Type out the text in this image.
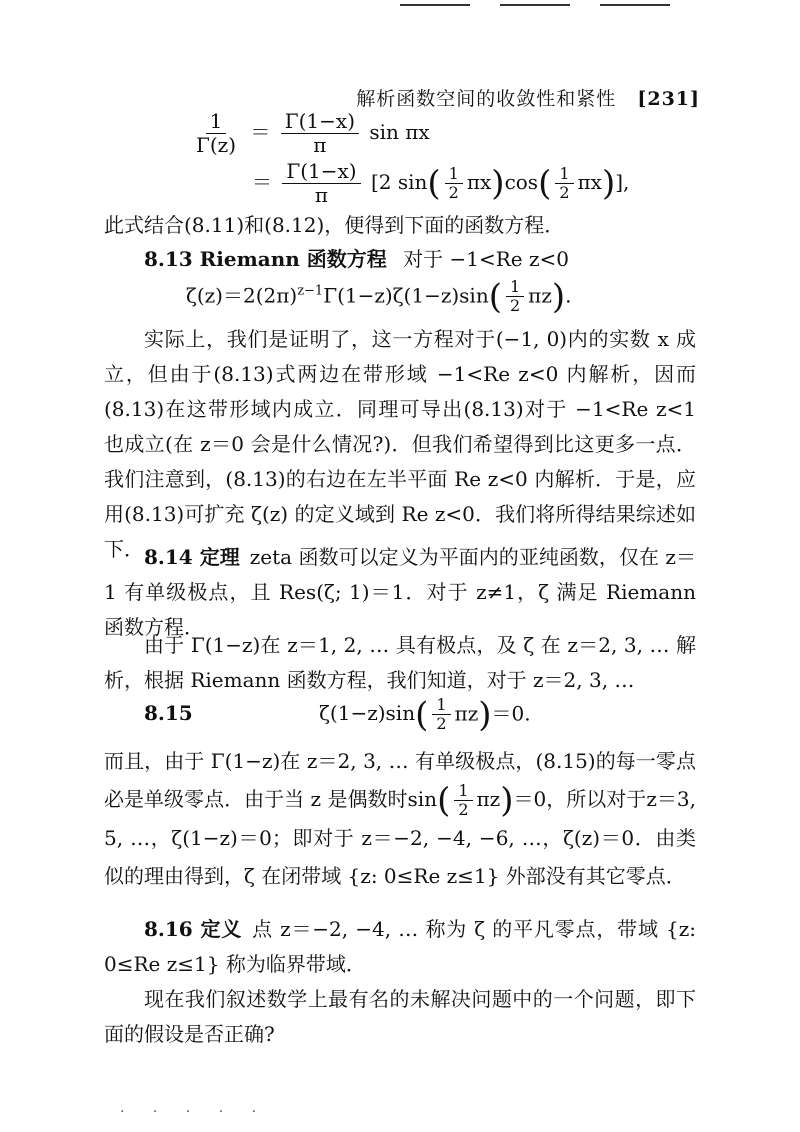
解析函数空间的收敛性和紧性 [231]
$\frac{1}{\Gamma(z)} = \frac{\Gamma(1-x)}{\pi}$ sin πx
＝ $\frac{\Gamma(1-x)}{\pi} [2$ $\sin( \frac{1}{2} \pi x)\cos( \frac{1}{2} \pi x)$],
此式结合(8.11)和(8.12)，便得到下面的函数方程．
8.13 Riemann 函数方程 对于 −1<Re z<0
$\zeta(z)=2(2\pi)^{z-1}\Gamma(1-z)\zeta(1-z)\sin( \frac{1}{2} \pi z)$.
实际上，我们是证明了，这一方程对于(−1, 0)内的实数 x 成立，但由于(8.13)式两边在带形域 −1<Re z<0 内解析，因而(8.13)在这带形域内成立．同理可导出(8.13)对于 −1<Re z<1 也成立(在 z＝0 会是什么情况?)．但我们希望得到比这更多一点．我们注意到，(8.13)的右边在左半平面 Re z<0 内解析．于是，应用(8.13)可扩充 ζ(z) 的定义域到 Re z<0．我们将所得结果综述如下． 8.14 定理 zeta 函数可以定义为平面内的亚纯函数，仅在 z＝1 有单级极点，且 Res(ζ; 1)＝1．对于 z≠1，ζ 满足 Riemann 函数方程．
由于 Γ(1−z)在 z＝1, 2, … 具有极点，及 ζ 在 z＝2, 3, … 解析，根据 Riemann 函数方程，我们知道，对于 z＝2, 3, …
8.15	$\zeta(1-z)\sin( \frac{1}{2} \pi z)=0$.
而且，由于 Γ(1−z)在 z＝2, 3, … 有单级极点，(8.15)的每一零点必是单级零点．由于当 z 是偶数时$\sin( \frac{1}{2} \pi z)=0$，所以对于z＝3, 5, …，ζ(1−z)＝0；即对于 z＝−2, −4, −6, …，ζ(z)＝0．由类似的理由得到，ζ 在闭带域 {z: 0≤Re z≤1} 外部没有其它零点．
8.16 定义 点 z＝−2, −4, … 称为 ζ 的平凡零点，带域 {z: 0≤Re z≤1} 称为临界带域．
现在我们叙述数学上最有名的未解决问题中的一个问题，即下面的假设是否正确?
· · · · ·
